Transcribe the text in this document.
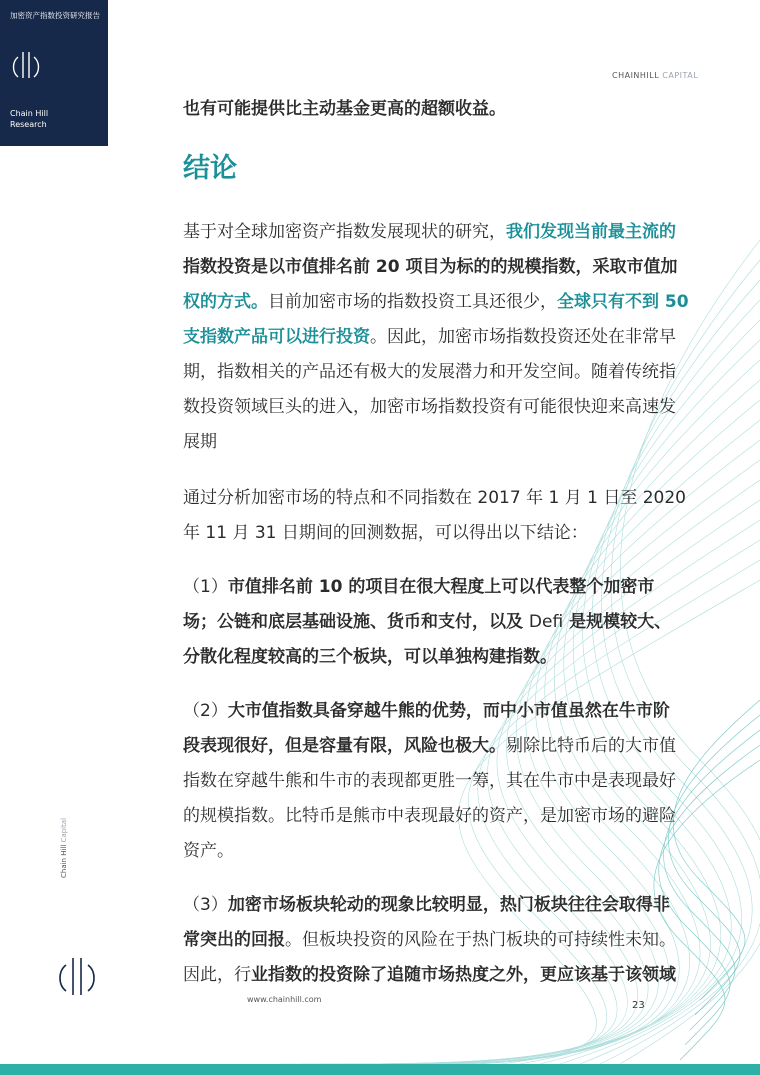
加密资产指数投资研究报告
Chain Hill
Research
CHAINHILL CAPITAL

也有可能提供比主动基金更高的超额收益。

结论

基于对全球加密资产指数发展现状的研究，我们发现当前最主流的

指数投资是以市值排名前 20 项目为标的的规模指数，采取市值加

权的方式。目前加密市场的指数投资工具还很少，全球只有不到 50

支指数产品可以进行投资。因此，加密市场指数投资还处在非常早

期，指数相关的产品还有极大的发展潜力和开发空间。随着传统指

数投资领域巨头的进入，加密市场指数投资有可能很快迎来高速发

展期

通过分析加密市场的特点和不同指数在 2017 年 1 月 1 日至 2020

年 11 月 31 日期间的回测数据，可以得出以下结论：

（1）市值排名前 10 的项目在很大程度上可以代表整个加密市

场；公链和底层基础设施、货币和支付，以及 Defi 是规模较大、

分散化程度较高的三个板块，可以单独构建指数。

（2）大市值指数具备穿越牛熊的优势，而中小市值虽然在牛市阶

段表现很好，但是容量有限，风险也极大。剔除比特币后的大市值

指数在穿越牛熊和牛市的表现都更胜一筹，其在牛市中是表现最好

的规模指数。比特币是熊市中表现最好的资产，是加密市场的避险

资产。

（3）加密市场板块轮动的现象比较明显，热门板块往往会取得非

常突出的回报。但板块投资的风险在于热门板块的可持续性未知。

因此，行业指数的投资除了追随市场热度之外，更应该基于该领域

Chain Hill Capital
www.chainhill.com
23
